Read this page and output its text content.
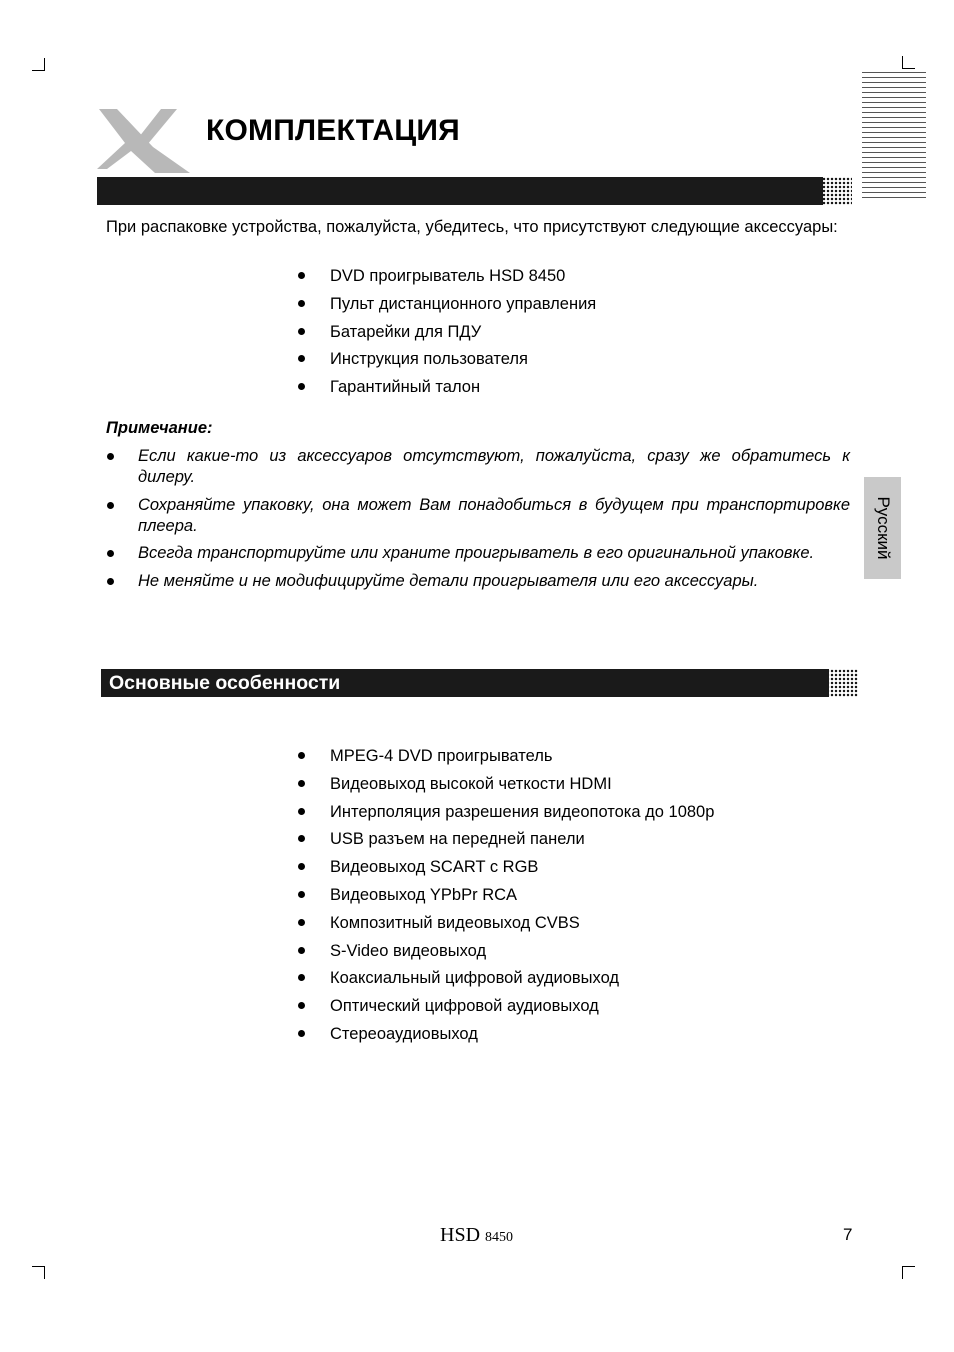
КОМПЛЕКТАЦИЯ
При распаковке устройства, пожалуйста, убедитесь, что присутствуют следующие аксессуары:
DVD проигрыватель HSD 8450
Пульт дистанционного управления
Батарейки для ПДУ
Инструкция пользователя
Гарантийный талон
Примечание:
Если какие-то из аксессуаров отсутствуют, пожалуйста, сразу же обратитесь к дилеру.
Сохраняйте упаковку, она может Вам понадобиться в будущем при транспортировке плеера.
Всегда транспортируйте или храните проигрыватель в его оригинальной упаковке.
Не меняйте и не модифицируйте детали проигрывателя или его аксессуары.
Русский
Основные особенности
MPEG-4 DVD проигрыватель
Видеовыход высокой четкости HDMI
Интерполяция разрешения видеопотока до 1080p
USB разъем на передней панели
Видеовыход SCART с RGB
Видеовыход YPbPr RCA
Композитный видеовыход CVBS
S-Video видеовыход
Коаксиальный цифровой аудиовыход
Оптический цифровой аудиовыход
Стереоаудиовыход
HSD 8450	7
